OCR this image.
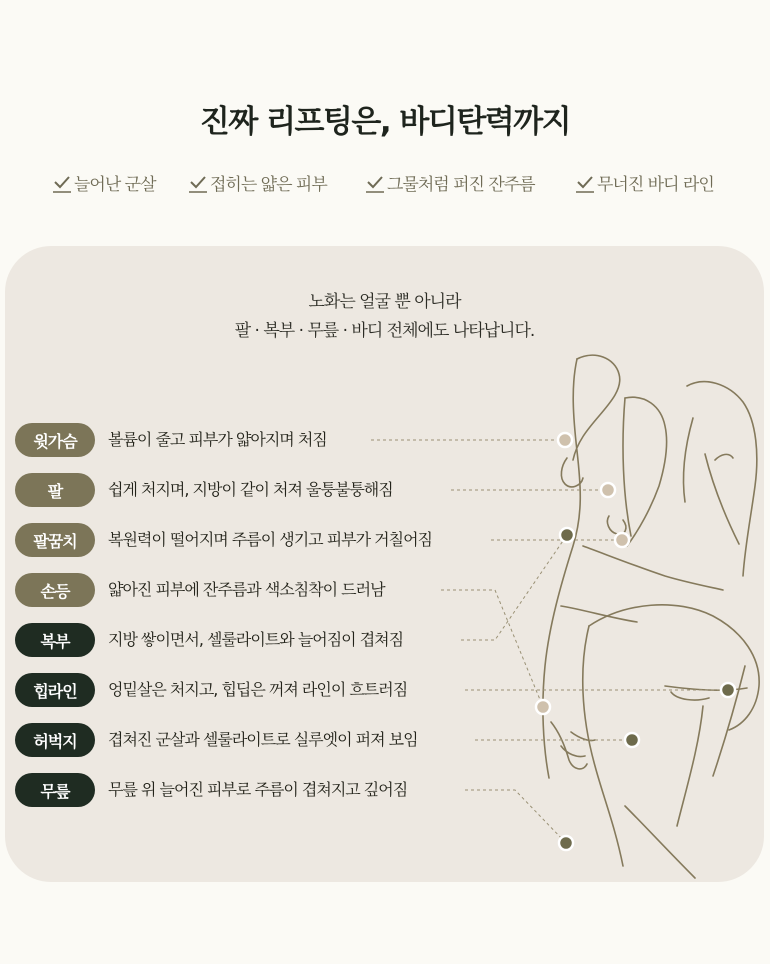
진짜 리프팅은, 바디탄력까지
늘어난 군살	접히는 얇은 피부	그물처럼 퍼진 잔주름	무너진 바디 라인
노화는 얼굴 뿐 아니라
팔 · 복부 · 무릎 · 바디 전체에도 나타납니다.
윗가슴	볼륨이 줄고 피부가 얇아지며 처짐
팔	쉽게 처지며, 지방이 같이 처져 울퉁불퉁해짐
팔꿈치	복원력이 떨어지며 주름이 생기고 피부가 거칠어짐
손등	얇아진 피부에 잔주름과 색소침착이 드러남
복부	지방 쌓이면서, 셀룰라이트와 늘어짐이 겹쳐짐
힙라인	엉밑살은 처지고, 힙딥은 꺼져 라인이 흐트러짐
허벅지	겹쳐진 군살과 셀룰라이트로 실루엣이 퍼져 보임
무릎	무릎 위 늘어진 피부로 주름이 겹쳐지고 깊어짐
